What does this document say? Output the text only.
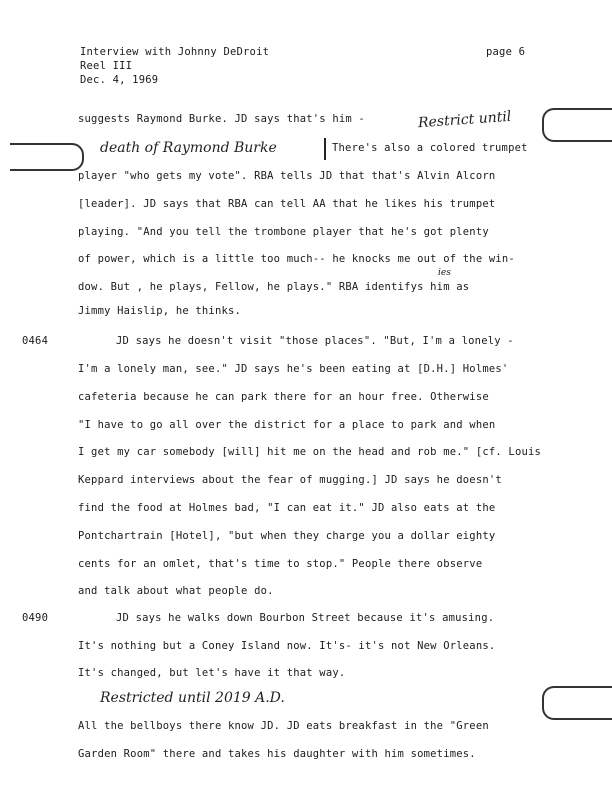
Interview with Johnny DeDroit
Reel III
Dec. 4, 1969
page 6
Restrict until
death of Raymond Burke
suggests Raymond Burke. JD says that's him -
There's also a colored trumpet
player "who gets my vote". RBA tells JD that that's Alvin Alcorn
[leader]. JD says that RBA can tell AA that he likes his trumpet
playing. "And you tell the trombone player that he's got plenty
of power, which is a little too much-- he knocks me out of the win-
dow. But , he plays, Fellow, he plays." RBA identifys him as
ies
Jimmy Haislip, he thinks.
0464	JD says he doesn't visit "those places". "But, I'm a lonely -
I'm a lonely man, see." JD says he's been eating at [D.H.] Holmes'
cafeteria because he can park there for an hour free. Otherwise
"I have to go all over the district for a place to park and when
I get my car somebody [will] hit me on the head and rob me." [cf. Louis
Keppard interviews about the fear of mugging.] JD says he doesn't
find the food at Holmes bad, "I can eat it." JD also eats at the
Pontchartrain [Hotel], "but when they charge you a dollar eighty
cents for an omlet, that's time to stop." People there observe
and talk about what people do.
0490	JD says he walks down Bourbon Street because it's amusing.
It's nothing but a Coney Island now. It's- it's not New Orleans.
It's changed, but let's have it that way.
Restricted until 2019 A.D.
All the bellboys there know JD. JD eats breakfast in the "Green
Garden Room" there and takes his daughter with him sometimes.
